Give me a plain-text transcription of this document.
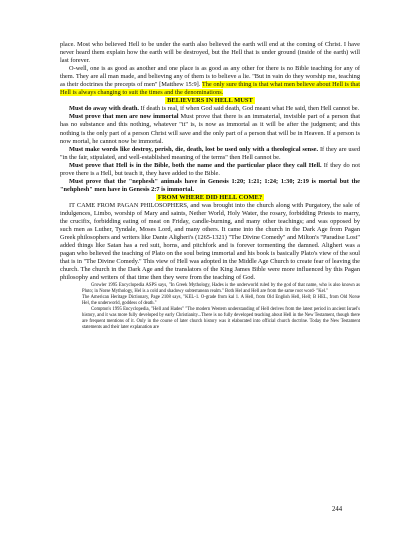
place. Most who believed Hell to be under the earth also believed the earth will end at the coming of Christ. I have never heard them explain how the earth will be destroyed, but the Hell that is under ground (inside of the earth) will last forever.

O-well, one is as good as another and one place is as good as any other for there is no Bible teaching for any of them. They are all man made, and believing any of them is to believe a lie. "But in vain do they worship me, teaching as their doctrines the precepts of men" [Matthew 15:9]. The only sure thing is that what men believe about Hell is that Hell is always changing to suit the times and the denominations.

BELIEVERS IN HELL MUST

Must do away with death. If death is real, if when God said death, God meant what He said, then Hell cannot be.

Must prove that men are now immortal Must prove that there is an immaterial, invisible part of a person that has no substance and this nothing, whatever "it" is, is now as immortal as it will be after the judgment; and this nothing is the only part of a person Christ will save and the only part of a person that will be in Heaven. If a person is now mortal, he cannot now be immortal.

Must make words like destroy, perish, die, death, lost be used only with a theological sense. If they are used "in the fair, stipulated, and well-established meaning of the terms" then Hell cannot be.

Must prove that Hell is in the Bible, both the name and the particular place they call Hell. If they do not prove there is a Hell, but teach it, they have added to the Bible.

Must prove that the "nephesh" animals have in Genesis 1:20; 1:21; 1:24; 1:30; 2:19 is mortal but the "nehphesh" men have in Genesis 2:7 is immortal.

FROM WHERE DID HELL COME?

IT CAME FROM PAGAN PHILOSOPHERS, and was brought into the church along with Purgatory, the sale of indulgences, Limbo, worship of Mary and saints, Nether World, Holy Water, the rosary, forbidding Priests to marry, the crucifix, forbidding eating of meat on Friday, candle-burning, and many other teachings; and was opposed by such men as Luther, Tyndale, Moses Lord, and many others. It came into the church in the Dark Age from Pagan Greek philosophers and writers like Dante Aligheri's (1265-1321) "The Divine Comedy" and Milton's "Paradise Lost" added things like Satan has a red suit, horns, and pitchfork and is forever tormenting the damned. Aligheri was a pagan who believed the teaching of Plato on the soul being immortal and his book is basically Plato's view of the soul that is in "The Divine Comedy." This view of Hell was adopted in the Middle Age Church to create fear of leaving the church. The church in the Dark Age and the translators of the King James Bible were more influenced by this Pagan philosophy and writers of that time then they were from the teaching of God.

Growler 1995 Encyclopedia ASPS says, "In Greek Mythology, Hades is the underworld ruled by the god of that name, who is also known as Pluto; in Norse Mythology, Hel is a cold and shadowy subterranean realm." Both Hel and Hell are from the same root word- "Kel."

The American Heritage Dictionary, Page 2108 says, "KEL-1. O-grade from kal 1. A Hell, from Old English Hell, Hell; B HEL, from Old Norse Hel, the underworld, goddess of death."

Compton's 1995 Encyclopedia, "Hell and Hades" "The modern Western understanding of Hell derives from the latest period in ancient Israel's history, and it was more fully developed by early Christianity...There is no fully developed teaching about Hell in the New Testament, though there are frequent mentions of it. Only in the course of later church history was it elaborated into official church doctrine. Today the New Testament statements and their later explanation are

244
